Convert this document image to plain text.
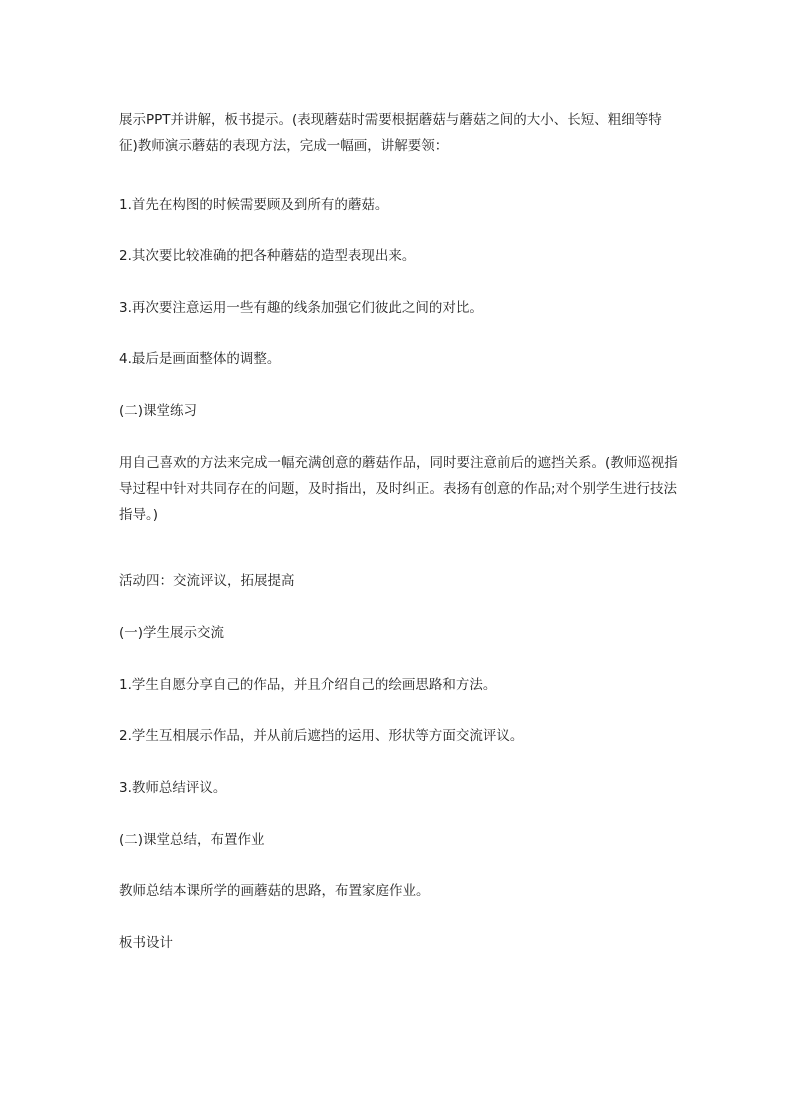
展示PPT并讲解，板书提示。(表现蘑菇时需要根据蘑菇与蘑菇之间的大小、长短、粗细等特征)教师演示蘑菇的表现方法，完成一幅画，讲解要领：

1.首先在构图的时候需要顾及到所有的蘑菇。

2.其次要比较准确的把各种蘑菇的造型表现出来。

3.再次要注意运用一些有趣的线条加强它们彼此之间的对比。

4.最后是画面整体的调整。

(二)课堂练习

用自己喜欢的方法来完成一幅充满创意的蘑菇作品，同时要注意前后的遮挡关系。(教师巡视指导过程中针对共同存在的问题，及时指出，及时纠正。表扬有创意的作品;对个别学生进行技法指导。)

活动四：交流评议，拓展提高

(一)学生展示交流

1.学生自愿分享自己的作品，并且介绍自己的绘画思路和方法。

2.学生互相展示作品，并从前后遮挡的运用、形状等方面交流评议。

3.教师总结评议。

(二)课堂总结，布置作业

教师总结本课所学的画蘑菇的思路，布置家庭作业。

板书设计
